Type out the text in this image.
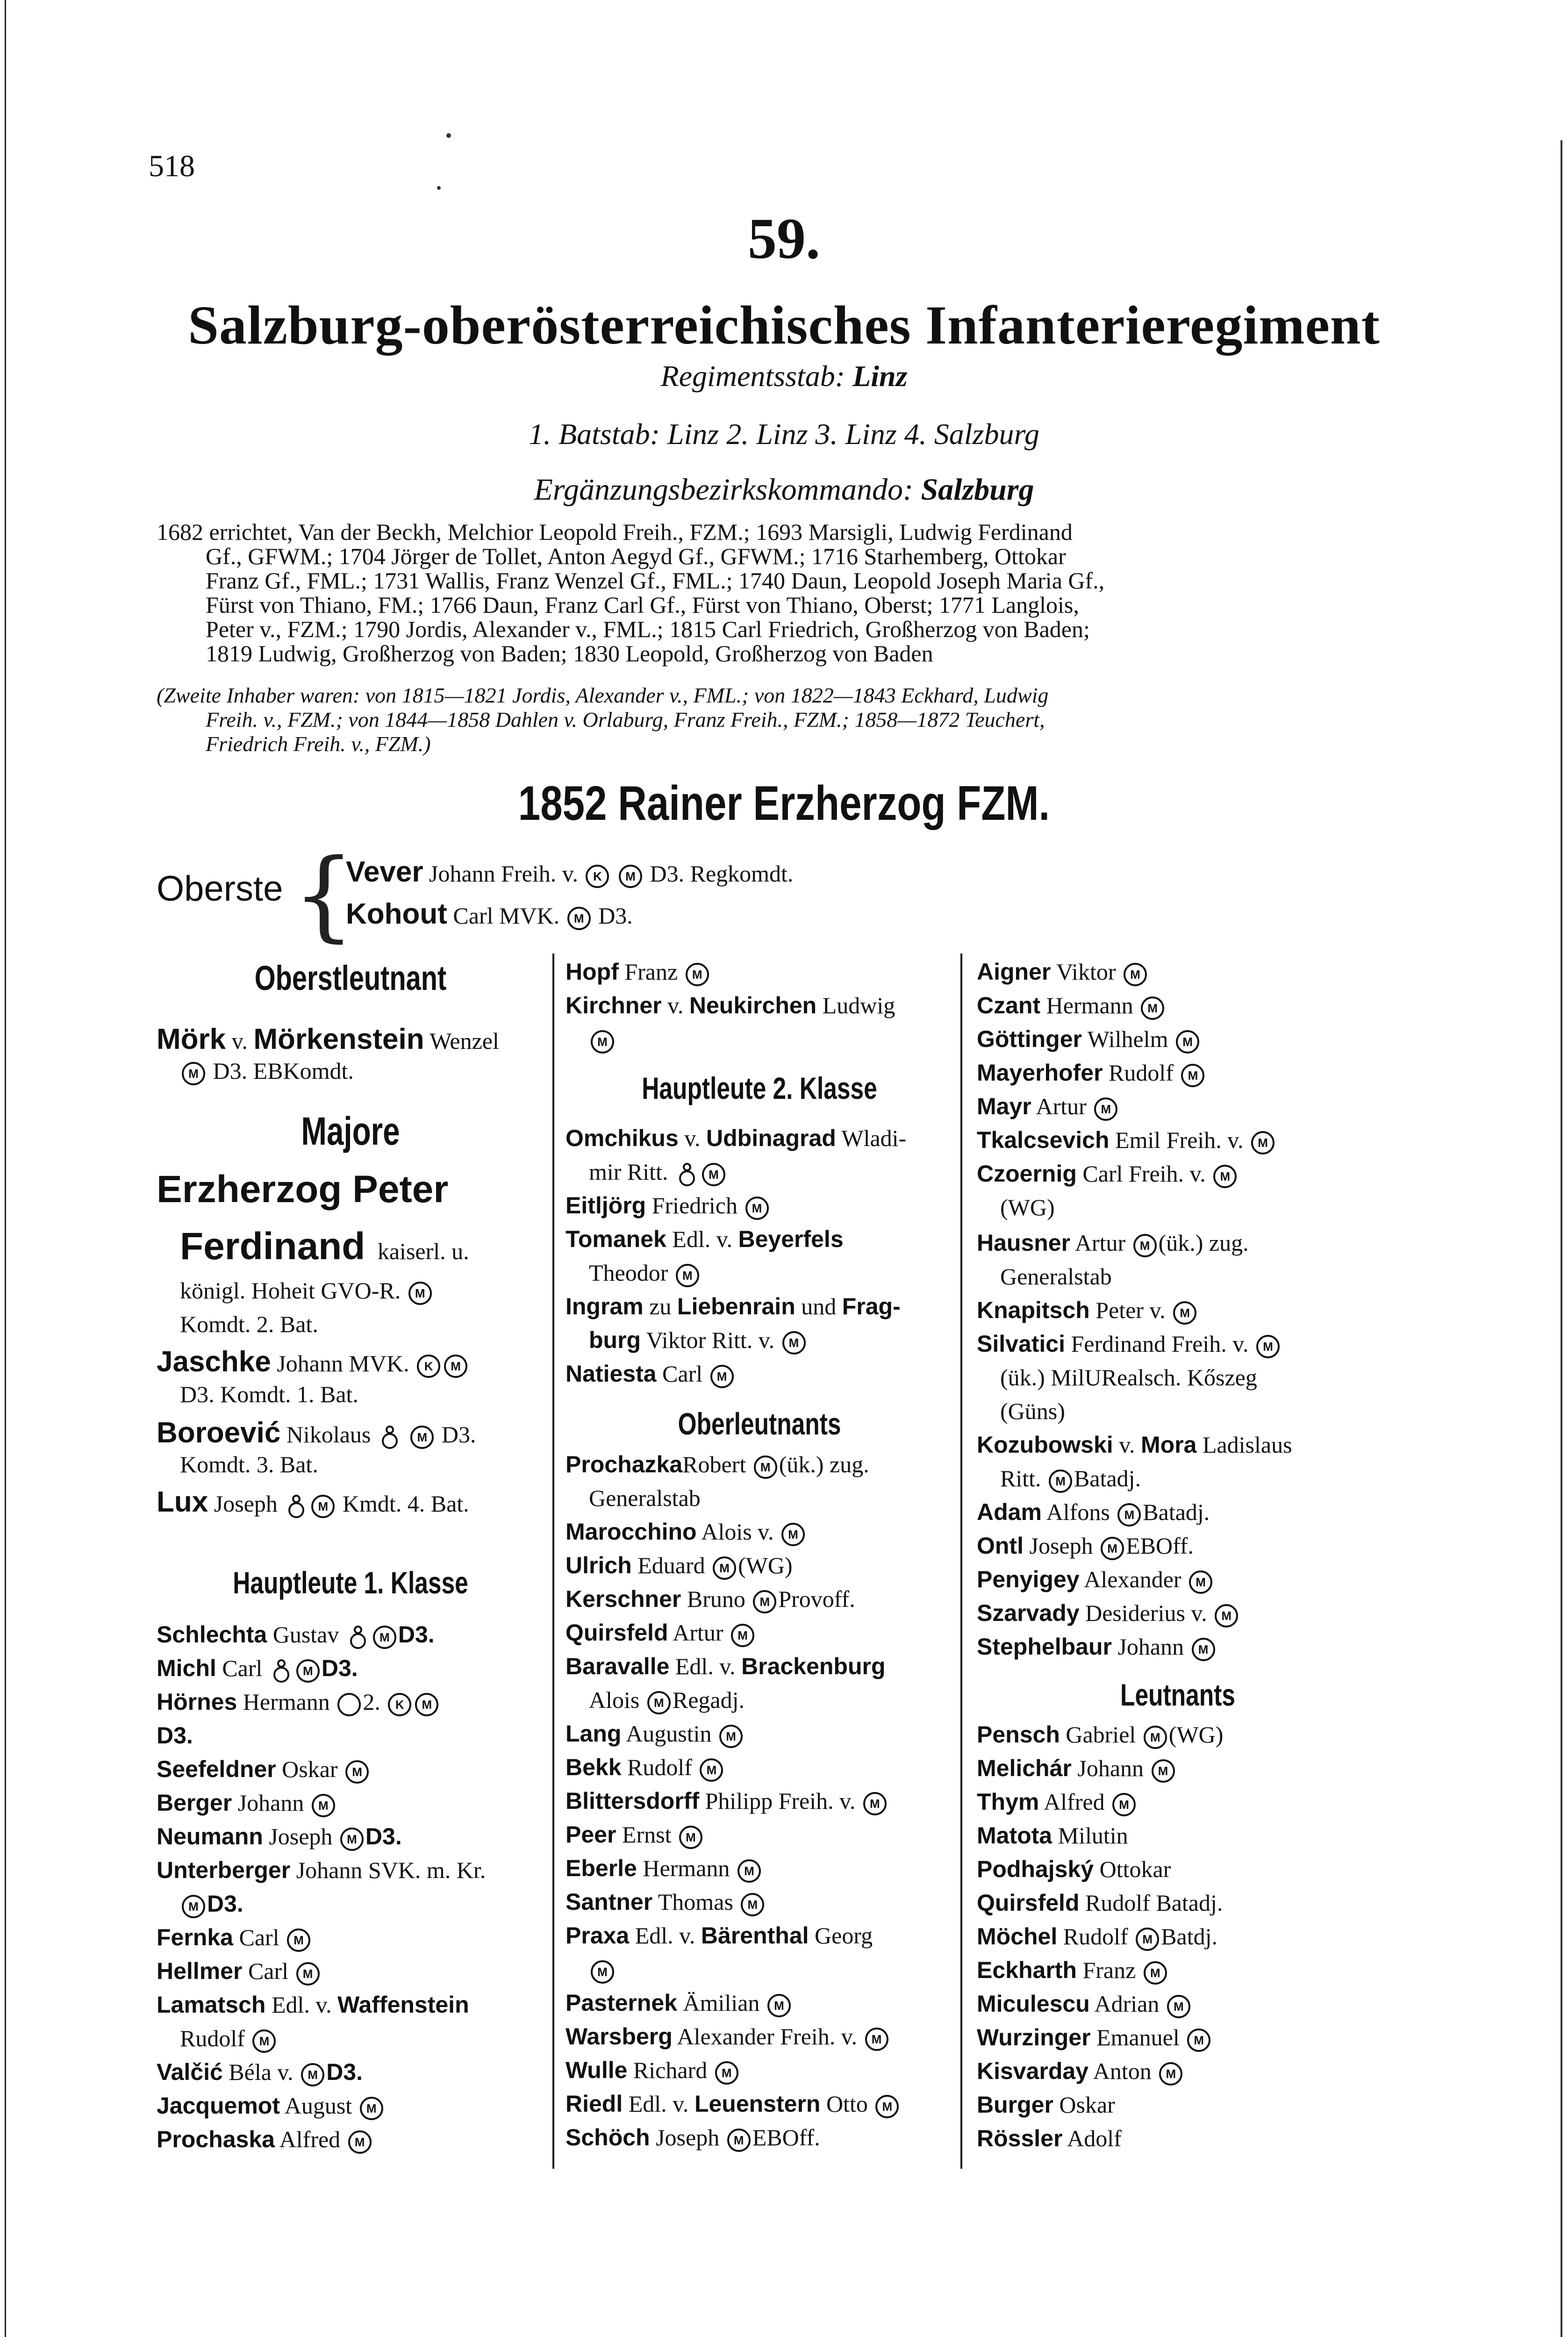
518
59.
Salzburg-oberösterreichisches Infanterieregiment
Regimentsstab: Linz
1. Batstab: Linz 2. Linz 3. Linz 4. Salzburg
Ergänzungsbezirkskommando: Salzburg
1682 errichtet, Van der Beckh, Melchior Leopold Freih., FZM.; 1693 Marsigli, Ludwig Ferdinand
Gf., GFWM.; 1704 Jörger de Tollet, Anton Aegyd Gf., GFWM.; 1716 Starhemberg, Ottokar
Franz Gf., FML.; 1731 Wallis, Franz Wenzel Gf., FML.; 1740 Daun, Leopold Joseph Maria Gf.,
Fürst von Thiano, FM.; 1766 Daun, Franz Carl Gf., Fürst von Thiano, Oberst; 1771 Langlois,
Peter v., FZM.; 1790 Jordis, Alexander v., FML.; 1815 Carl Friedrich, Großherzog von Baden;
1819 Ludwig, Großherzog von Baden; 1830 Leopold, Großherzog von Baden
(Zweite Inhaber waren: von 1815—1821 Jordis, Alexander v., FML.; von 1822—1843 Eckhard, Ludwig
Freih. v., FZM.; von 1844—1858 Dahlen v. Orlaburg, Franz Freih., FZM.; 1858—1872 Teuchert,
Friedrich Freih. v., FZM.)
1852 Rainer Erzherzog FZM.
Oberste {
Vever Johann Freih. v. K M D3. Regkomdt.
Kohout Carl MVK. M D3.
Oberstleutnant
Mörk v. Mörkenstein Wenzel
M D3. EBKomdt.
Majore
Erzherzog Peter
Ferdinand kaiserl. u.
königl. Hoheit GVO-R. M
Komdt. 2. Bat.
Jaschke Johann MVK. K M
D3. Komdt. 1. Bat.
Boroević Nikolaus	M D3.
Komdt. 3. Bat.
Lux Joseph	M Kmdt. 4. Bat.
Hauptleute 1. Klasse
Schlechta Gustav	M D3.
Michl Carl	M D3.
Hörnes Hermann 2. K M
D3.
Seefeldner Oskar M
Berger Johann M
Neumann Joseph M D3.
Unterberger Johann SVK. m. Kr.
M D3.
Fernka Carl M
Hellmer Carl M
Lamatsch Edl. v. Waffenstein
Rudolf M
Valčić Béla v. M D3.
Jacquemot August M
Prochaska Alfred M
Hopf Franz M
Kirchner v. Neukirchen Ludwig
M
Hauptleute 2. Klasse
Omchikus v. Udbinagrad Wladi-
mir Ritt.	M
Eitljörg Friedrich M
Tomanek Edl. v. Beyerfels
Theodor M
Ingram zu Liebenrain und Frag-
burg Viktor Ritt. v. M
Natiesta Carl M
Oberleutnants
ProchazkaRobert M (ük.) zug.
Generalstab
Marocchino Alois v. M
Ulrich Eduard M (WG)
Kerschner Bruno M Provoff.
Quirsfeld Artur M
Baravalle Edl. v. Brackenburg
Alois M Regadj.
Lang Augustin M
Bekk Rudolf M
Blittersdorff Philipp Freih. v. M
Peer Ernst M
Eberle Hermann M
Santner Thomas M
Praxa Edl. v. Bärenthal Georg
M
Pasternek Ämilian M
Warsberg Alexander Freih. v. M
Wulle Richard M
Riedl Edl. v. Leuenstern Otto M
Schöch Joseph M EBOff.
Aigner Viktor M
Czant Hermann M
Göttinger Wilhelm M
Mayerhofer Rudolf M
Mayr Artur M
Tkalcsevich Emil Freih. v. M
Czoernig Carl Freih. v. M
(WG)
Hausner Artur M (ük.) zug.
Generalstab
Knapitsch Peter v. M
Silvatici Ferdinand Freih. v. M
(ük.) MilURealsch. Kőszeg
(Güns)
Kozubowski v. Mora Ladislaus
Ritt. M Batadj.
Adam Alfons M Batadj.
Ontl Joseph M EBOff.
Penyigey Alexander M
Szarvady Desiderius v. M
Stephelbaur Johann M
Leutnants
Pensch Gabriel M (WG)
Melichár Johann M
Thym Alfred M
Matota Milutin
Podhajský Ottokar
Quirsfeld Rudolf Batadj.
Möchel Rudolf M Batdj.
Eckharth Franz M
Miculescu Adrian M
Wurzinger Emanuel M
Kisvarday Anton M
Burger Oskar
Rössler Adolf
